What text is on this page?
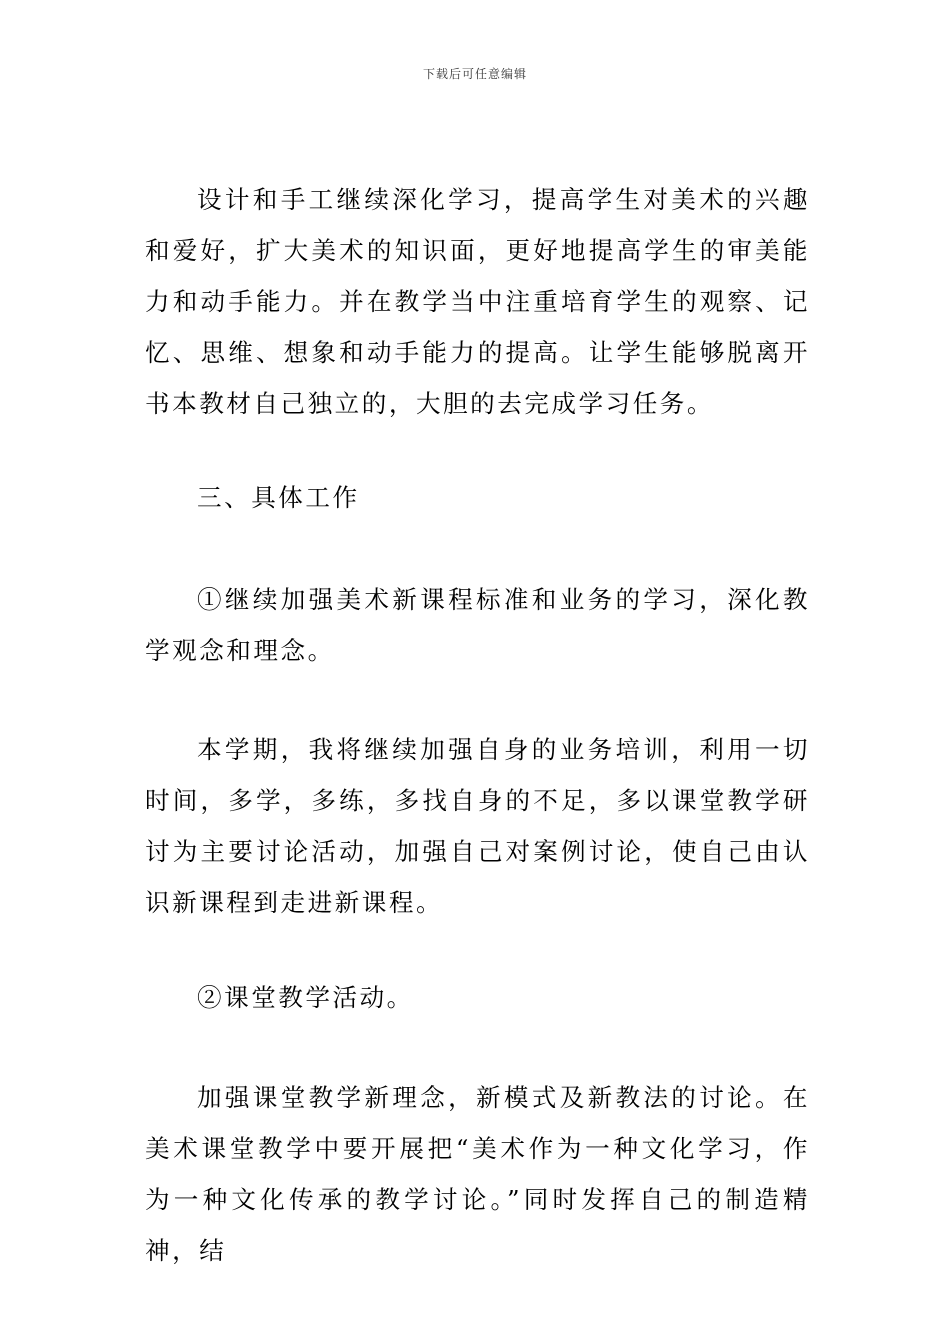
下载后可任意编辑

设计和手工继续深化学习，提高学生对美术的兴趣和爱好，扩大美术的知识面，更好地提高学生的审美能力和动手能力。并在教学当中注重培育学生的观察、记忆、思维、想象和动手能力的提高。让学生能够脱离开书本教材自己独立的，大胆的去完成学习任务。

三、具体工作

①继续加强美术新课程标准和业务的学习，深化教学观念和理念。

本学期，我将继续加强自身的业务培训，利用一切时间，多学，多练，多找自身的不足，多以课堂教学研讨为主要讨论活动，加强自己对案例讨论，使自己由认识新课程到走进新课程。

②课堂教学活动。

加强课堂教学新理念，新模式及新教法的讨论。在美术课堂教学中要开展把“美术作为一种文化学习，作为一种文化传承的教学讨论。”同时发挥自己的制造精神，结
